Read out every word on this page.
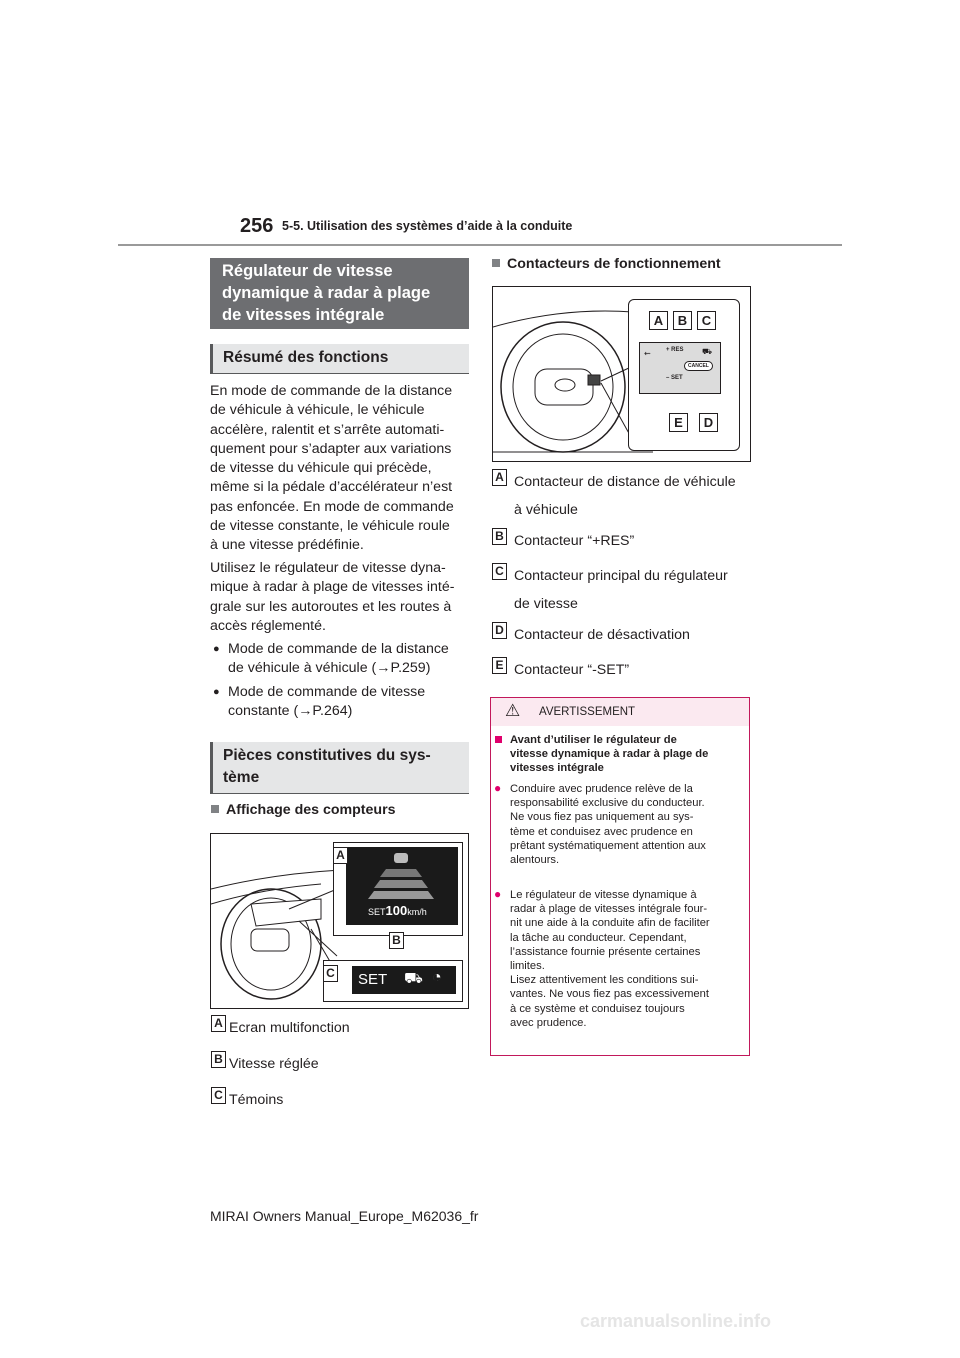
256 5-5. Utilisation des systèmes d’aide à la conduite
Régulateur de vitesse
dynamique à radar à plage
de vitesses intégrale
Résumé des fonctions
En mode de commande de la distance
de véhicule à véhicule, le véhicule
accélère, ralentit et s’arrête automati-
quement pour s’adapter aux variations
de vitesse du véhicule qui précède,
même si la pédale d’accélérateur n’est
pas enfoncée. En mode de commande
de vitesse constante, le véhicule roule
à une vitesse prédéfinie.
Utilisez le régulateur de vitesse dyna-
mique à radar à plage de vitesses inté-
grale sur les autoroutes et les routes à
accès réglementé.
● Mode de commande de la distance
de véhicule à véhicule (→P.259)
● Mode de commande de vitesse
constante (→P.264)
Pièces constitutives du sys-
tème
Affichage des compteurs
SET100km/h
A
B
SET ⛟ ◔
C
A Ecran multifonction
B Vitesse réglée
C Témoins
Contacteurs de fonctionnement
⇜	+ RES ⛟
CANCEL
– SET
A	B	C
E	D
A Contacteur de distance de véhicule
à véhicule
B Contacteur “+RES”
C Contacteur principal du régulateur
de vitesse
D Contacteur de désactivation
E Contacteur “-SET”
⚠ AVERTISSEMENT
Avant d’utiliser le régulateur de
vitesse dynamique à radar à plage de
vitesses intégrale
● Conduire avec prudence relève de la
responsabilité exclusive du conducteur.
Ne vous fiez pas uniquement au sys-
tème et conduisez avec prudence en
prêtant systématiquement attention aux
alentours.
● Le régulateur de vitesse dynamique à
radar à plage de vitesses intégrale four-
nit une aide à la conduite afin de faciliter
la tâche au conducteur. Cependant,
l’assistance fournie présente certaines
limites.
Lisez attentivement les conditions sui-
vantes. Ne vous fiez pas excessivement
à ce système et conduisez toujours
avec prudence.
MIRAI Owners Manual_Europe_M62036_fr
carmanualsonline.info
